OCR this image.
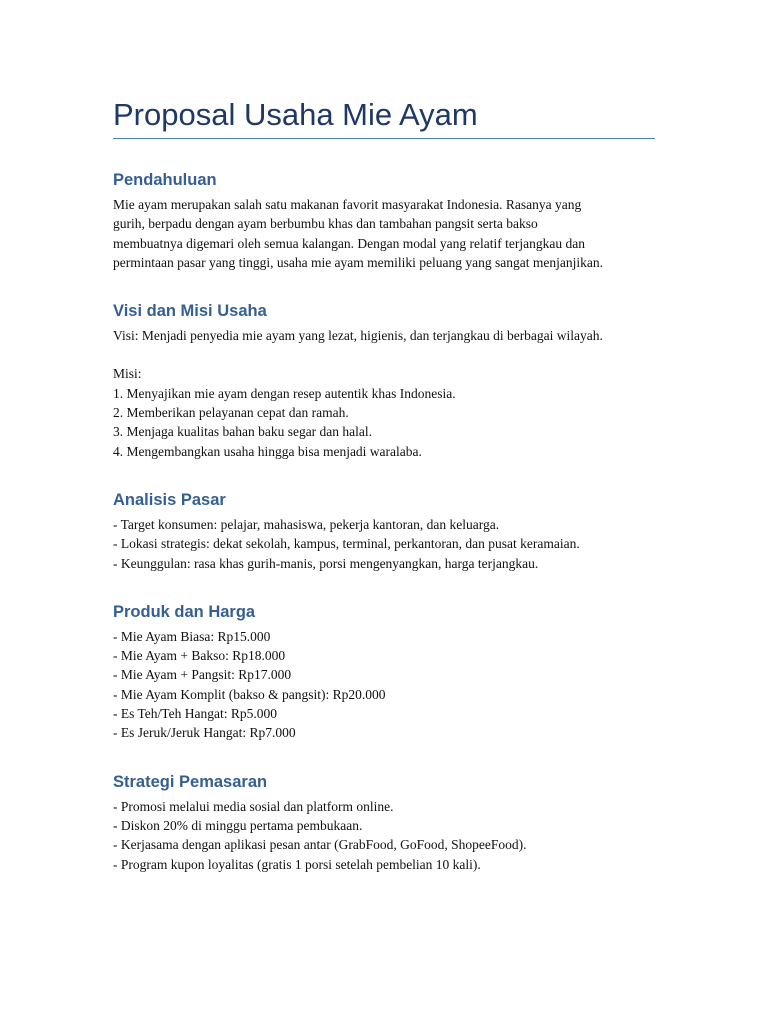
Proposal Usaha Mie Ayam
Pendahuluan

Mie ayam merupakan salah satu makanan favorit masyarakat Indonesia. Rasanya yang

gurih, berpadu dengan ayam berbumbu khas dan tambahan pangsit serta bakso

membuatnya digemari oleh semua kalangan. Dengan modal yang relatif terjangkau dan

permintaan pasar yang tinggi, usaha mie ayam memiliki peluang yang sangat menjanjikan.

Visi dan Misi Usaha

Visi: Menjadi penyedia mie ayam yang lezat, higienis, dan terjangkau di berbagai wilayah.

Misi:

1. Menyajikan mie ayam dengan resep autentik khas Indonesia.

2. Memberikan pelayanan cepat dan ramah.

3. Menjaga kualitas bahan baku segar dan halal.

4. Mengembangkan usaha hingga bisa menjadi waralaba.

Analisis Pasar

- Target konsumen: pelajar, mahasiswa, pekerja kantoran, dan keluarga.

- Lokasi strategis: dekat sekolah, kampus, terminal, perkantoran, dan pusat keramaian.

- Keunggulan: rasa khas gurih-manis, porsi mengenyangkan, harga terjangkau.

Produk dan Harga

- Mie Ayam Biasa: Rp15.000

- Mie Ayam + Bakso: Rp18.000

- Mie Ayam + Pangsit: Rp17.000

- Mie Ayam Komplit (bakso & pangsit): Rp20.000

- Es Teh/Teh Hangat: Rp5.000

- Es Jeruk/Jeruk Hangat: Rp7.000

Strategi Pemasaran

- Promosi melalui media sosial dan platform online.

- Diskon 20% di minggu pertama pembukaan.

- Kerjasama dengan aplikasi pesan antar (GrabFood, GoFood, ShopeeFood).

- Program kupon loyalitas (gratis 1 porsi setelah pembelian 10 kali).
